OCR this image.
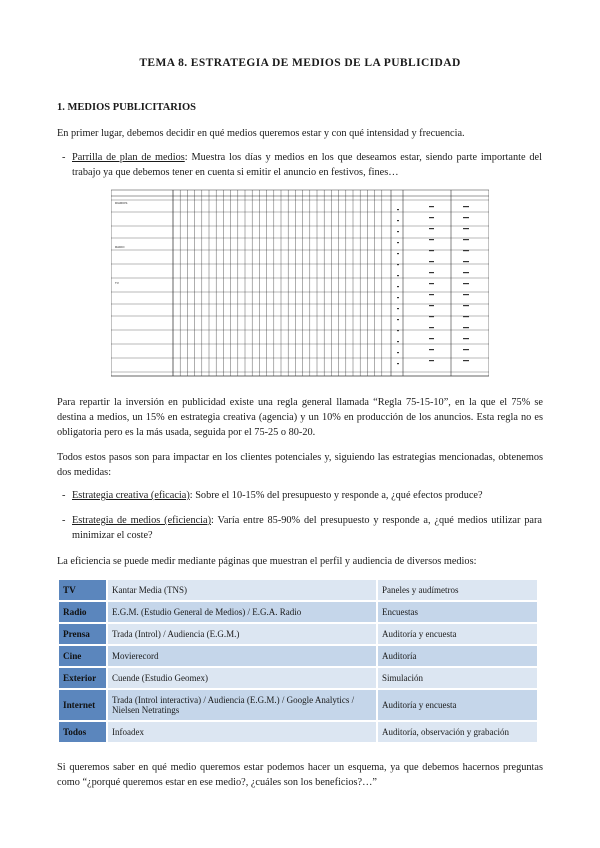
TEMA 8. ESTRATEGIA DE MEDIOS DE LA PUBLICIDAD
1. MEDIOS PUBLICITARIOS
En primer lugar, debemos decidir en qué medios queremos estar y con qué intensidad y frecuencia.
- Parrilla de plan de medios: Muestra los días y medios en los que deseamos estar, siendo parte importante del trabajo ya que debemos tener en cuenta si emitir el anuncio en festivos, fines…
DIARIOS
RADIO
TV
Para repartir la inversión en publicidad existe una regla general llamada “Regla 75-15-10”, en la que el 75% se destina a medios, un 15% en estrategia creativa (agencia) y un 10% en producción de los anuncios. Esta regla no es obligatoria pero es la más usada, seguida por el 75-25 o 80-20.
Todos estos pasos son para impactar en los clientes potenciales y, siguiendo las estrategias mencionadas, obtenemos dos medidas:
- Estrategia creativa (eficacia): Sobre el 10-15% del presupuesto y responde a, ¿qué efectos produce?
- Estrategia de medios (eficiencia): Varía entre 85-90% del presupuesto y responde a, ¿qué medios utilizar para minimizar el coste?
La eficiencia se puede medir mediante páginas que muestran el perfil y audiencia de diversos medios:
TV	Kantar Media (TNS)	Paneles y audímetros
Radio	E.G.M. (Estudio General de Medios) / E.G.A. Radio	Encuestas
Prensa	Trada (Introl) / Audiencia (E.G.M.)	Auditoría y encuesta
Cine	Movierecord	Auditoría
Exterior	Cuende (Estudio Geomex)	Simulación
Internet	Trada (Introl interactiva) / Audiencia (E.G.M.) / Google Analytics / Nielsen Netratings	Auditoría y encuesta
Todos	Infoadex	Auditoría, observación y grabación
Si queremos saber en qué medio queremos estar podemos hacer un esquema, ya que debemos hacernos preguntas como “¿porqué queremos estar en ese medio?, ¿cuáles son los beneficios?…”
